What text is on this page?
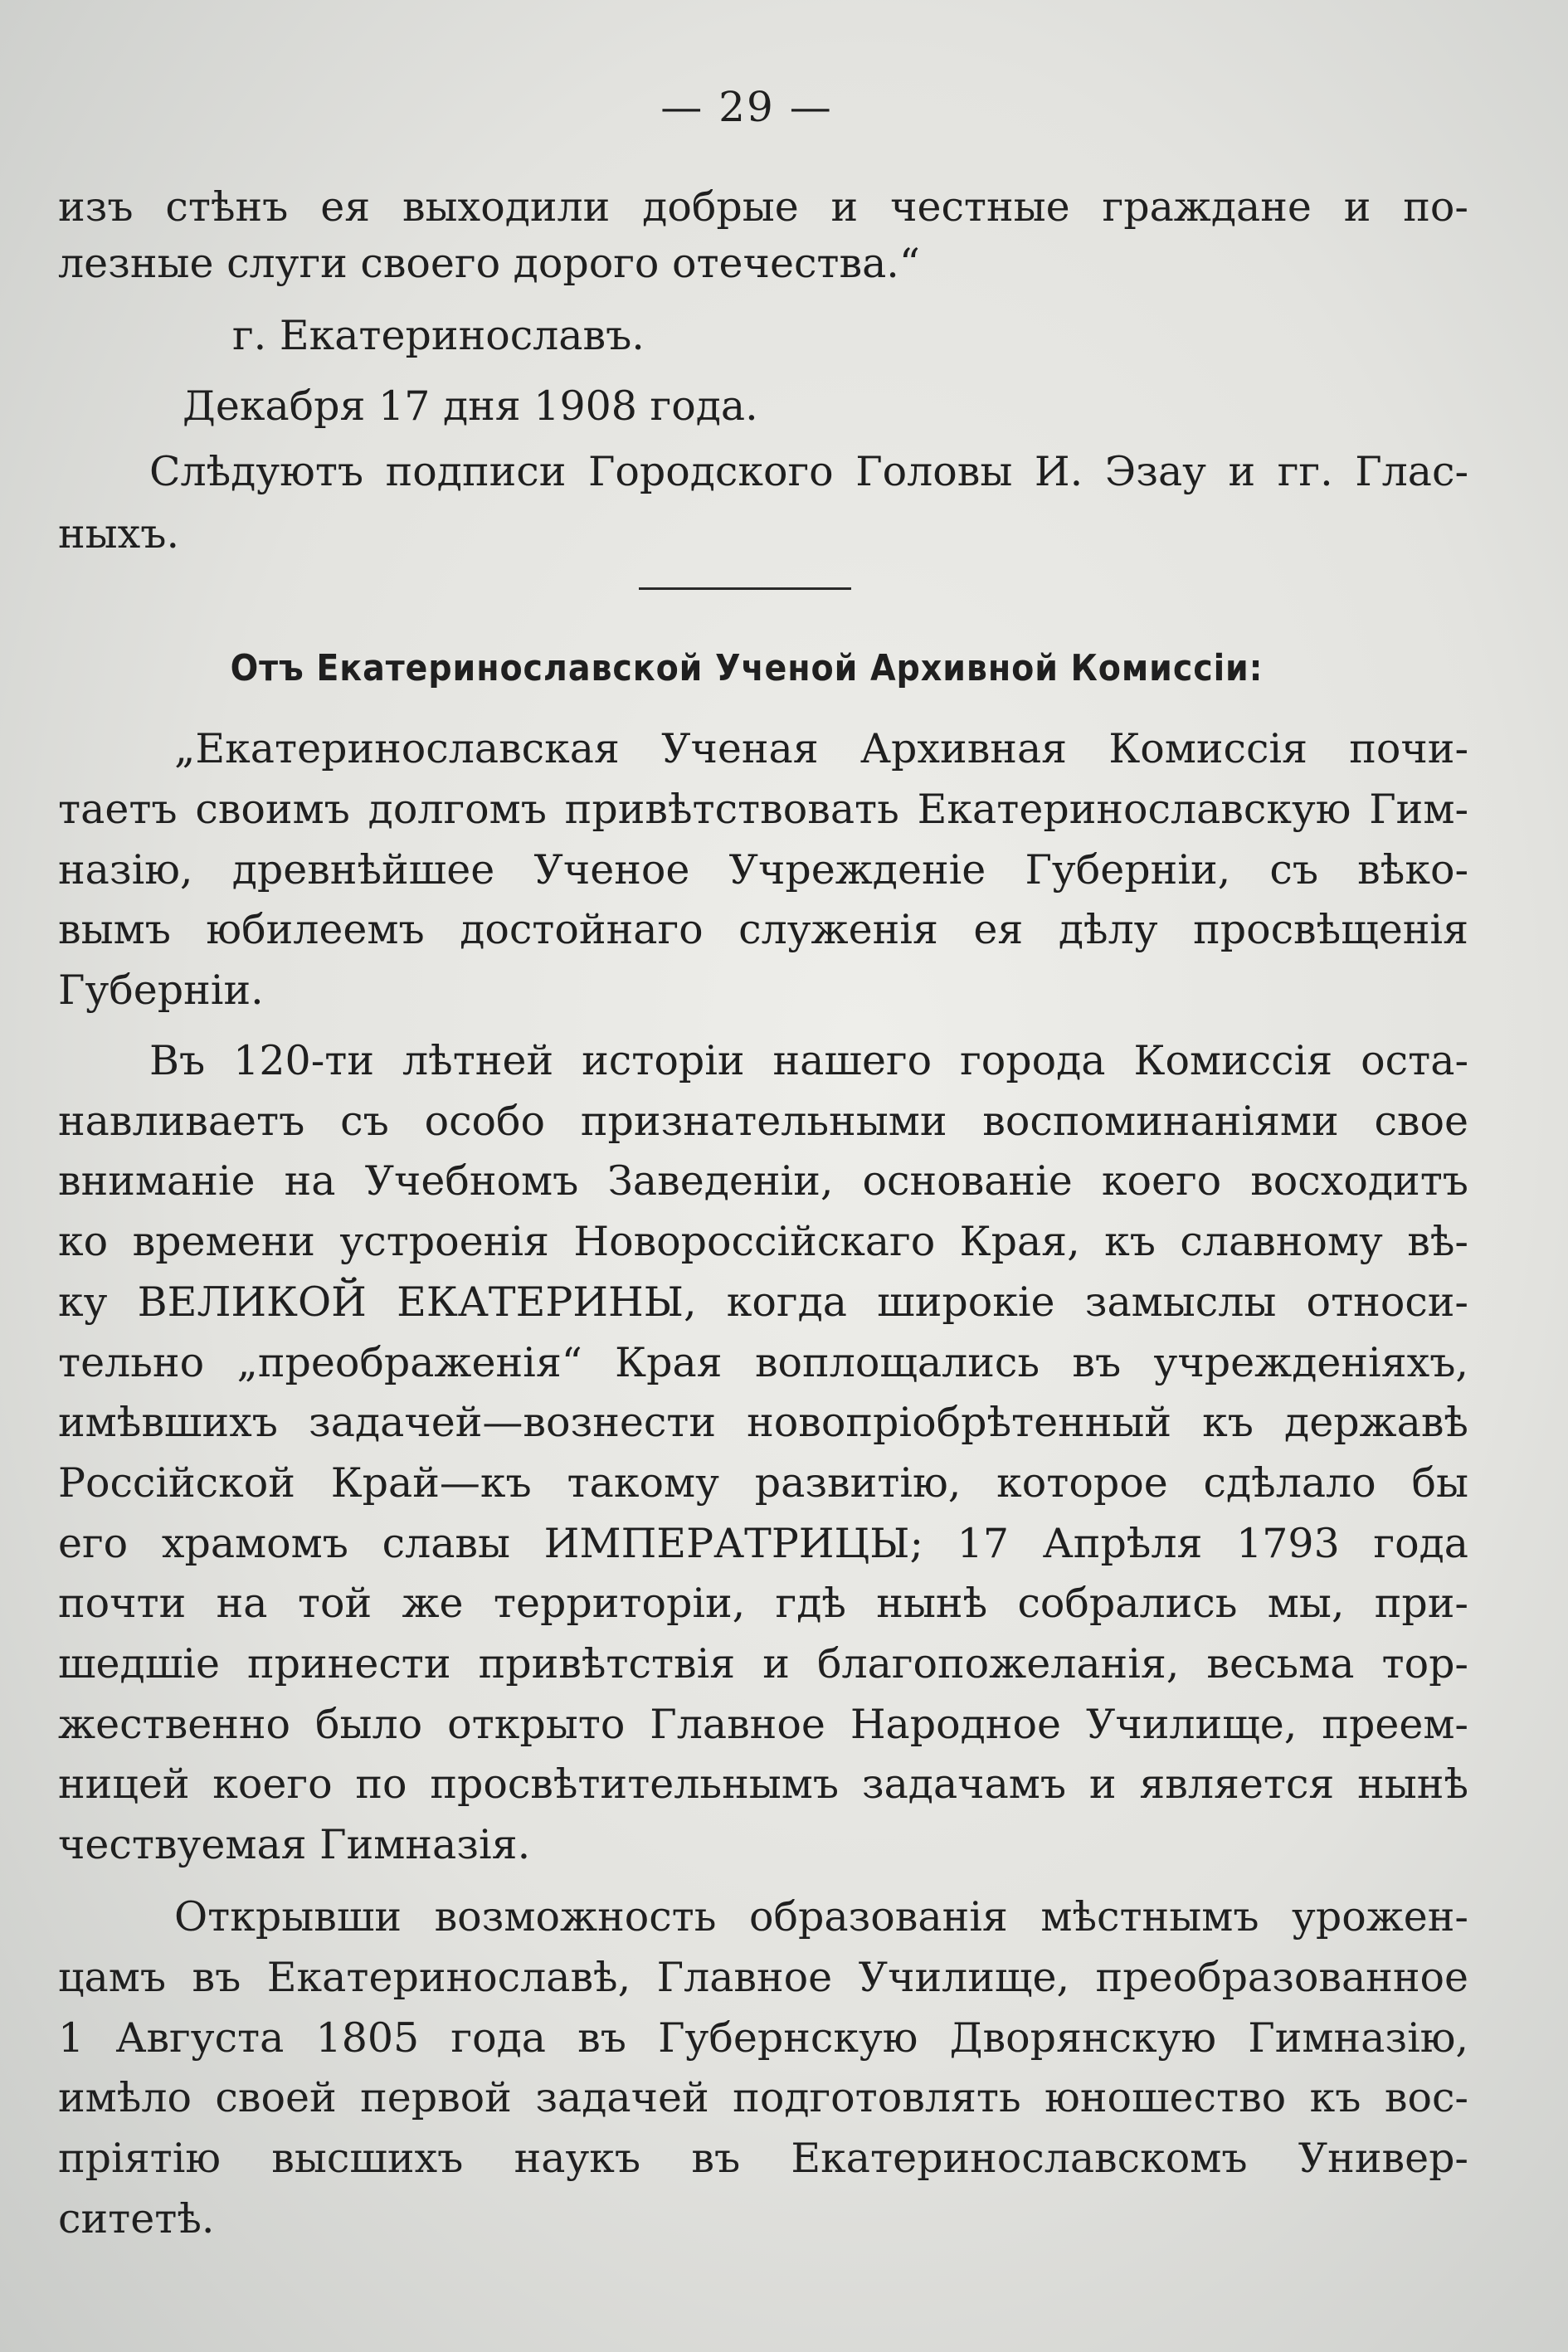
— 29 —
изъ стѣнъ ея выходили добрые и честные граждане и по-
лезные слуги своего дорого отечества.“
г. Екатеринославъ.
Декабря 17 дня 1908 года.
Слѣдуютъ подписи Городского Головы И. Эзау и гг. Глас-
ныхъ.
Отъ Екатеринославской Ученой Архивной Комиссіи:
„Екатеринославская Ученая Архивная Комиссія почи-
таетъ своимъ долгомъ привѣтствовать Екатеринославскую Гим-
назію, древнѣйшее Ученое Учрежденіе Губерніи, съ вѣко-
вымъ юбилеемъ достойнаго служенія ея дѣлу просвѣщенія
Губерніи.
Въ 120-ти лѣтней исторіи нашего города Комиссія оста-
навливаетъ съ особо признательными воспоминаніями свое
вниманіе на Учебномъ Заведеніи, основаніе коего восходитъ
ко времени устроенія Новороссійскаго Края, къ славному вѣ-
ку ВЕЛИКОЙ ЕКАТЕРИНЫ, когда широкіе замыслы относи-
тельно „преображенія“ Края воплощались въ учрежденіяхъ,
имѣвшихъ задачей—вознести новопріобрѣтенный къ державѣ
Россійской Край—къ такому развитію, которое сдѣлало бы
его храмомъ славы ИМПЕРАТРИЦЫ; 17 Апрѣля 1793 года
почти на той же территоріи, гдѣ нынѣ собрались мы, при-
шедшіе принести привѣтствія и благопожеланія, весьма тор-
жественно было открыто Главное Народное Училище, преем-
ницей коего по просвѣтительнымъ задачамъ и является нынѣ
чествуемая Гимназія.
Открывши возможность образованія мѣстнымъ урожен-
цамъ въ Екатеринославѣ, Главное Училище, преобразованное
1 Августа 1805 года въ Губернскую Дворянскую Гимназію,
имѣло своей первой задачей подготовлять юношество къ вос-
пріятію высшихъ наукъ въ Екатеринославскомъ Универ-
ситетѣ.
